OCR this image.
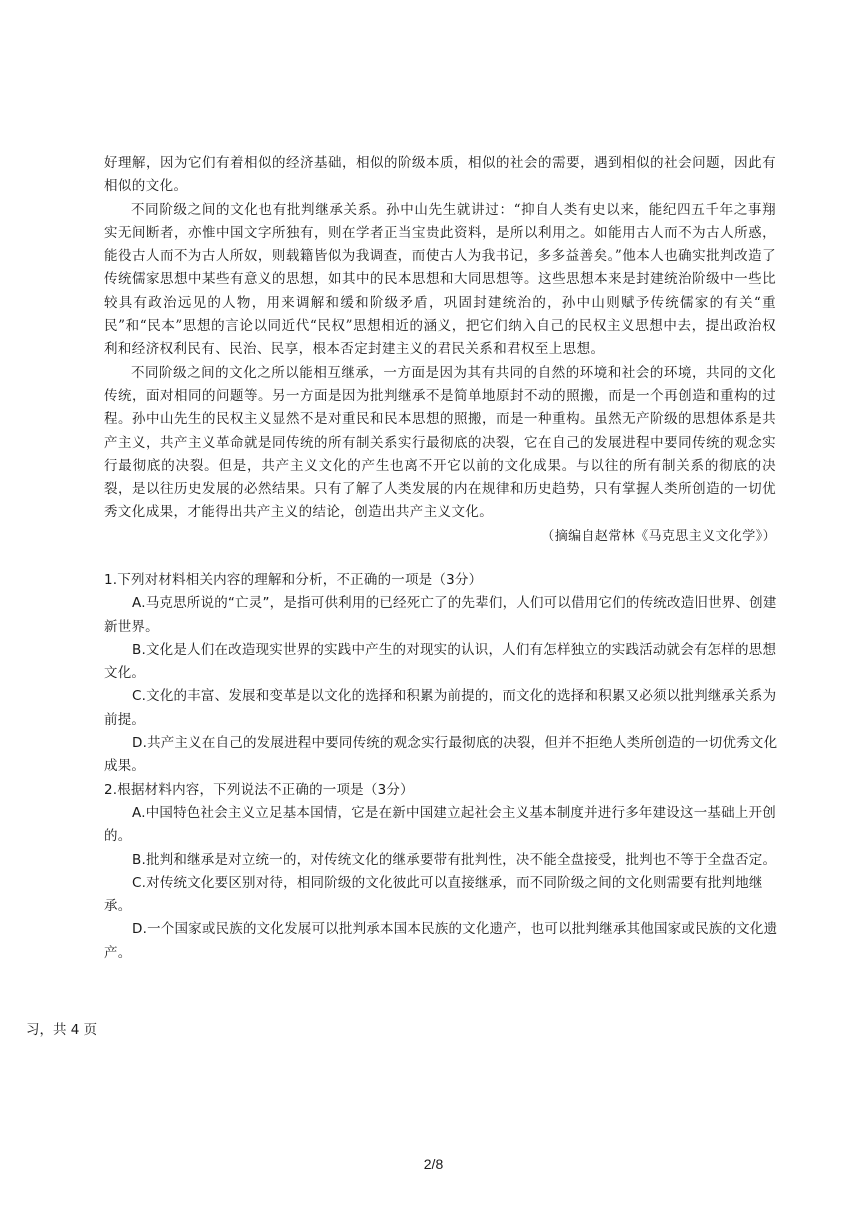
好理解，因为它们有着相似的经济基础，相似的阶级本质，相似的社会的需要，遇到相似的社会问题，因此有相似的文化。

不同阶级之间的文化也有批判继承关系。孙中山先生就讲过：“抑自人类有史以来，能纪四五千年之事翔实无间断者，亦惟中国文字所独有，则在学者正当宝贵此资料，是所以利用之。如能用古人而不为古人所惑，能役古人而不为古人所奴，则载籍皆似为我调查，而使古人为我书记，多多益善矣。”他本人也确实批判改造了传统儒家思想中某些有意义的思想，如其中的民本思想和大同思想等。这些思想本来是封建统治阶级中一些比较具有政治远见的人物，用来调解和缓和阶级矛盾，巩固封建统治的，孙中山则赋予传统儒家的有关“重民”和“民本”思想的言论以同近代“民权”思想相近的涵义，把它们纳入自己的民权主义思想中去，提出政治权利和经济权利民有、民治、民享，根本否定封建主义的君民关系和君权至上思想。

不同阶级之间的文化之所以能相互继承，一方面是因为其有共同的自然的环境和社会的环境，共同的文化传统，面对相同的问题等。另一方面是因为批判继承不是简单地原封不动的照搬，而是一个再创造和重构的过程。孙中山先生的民权主义显然不是对重民和民本思想的照搬，而是一种重构。虽然无产阶级的思想体系是共产主义，共产主义革命就是同传统的所有制关系实行最彻底的决裂，它在自己的发展进程中要同传统的观念实行最彻底的决裂。但是，共产主义文化的产生也离不开它以前的文化成果。与以往的所有制关系的彻底的决裂，是以往历史发展的必然结果。只有了解了人类发展的内在规律和历史趋势，只有掌握人类所创造的一切优秀文化成果，才能得出共产主义的结论，创造出共产主义文化。

（摘编自赵常林《马克思主义文化学》）

1.下列对材料相关内容的理解和分析，不正确的一项是（3分）

A.马克思所说的“亡灵”，是指可供利用的已经死亡了的先辈们，人们可以借用它们的传统改造旧世界、创建新世界。

B.文化是人们在改造现实世界的实践中产生的对现实的认识，人们有怎样独立的实践活动就会有怎样的思想文化。

C.文化的丰富、发展和变革是以文化的选择和积累为前提的，而文化的选择和积累又必须以批判继承关系为前提。

D.共产主义在自己的发展进程中要同传统的观念实行最彻底的决裂，但并不拒绝人类所创造的一切优秀文化成果。

2.根据材料内容，下列说法不正确的一项是（3分）

A.中国特色社会主义立足基本国情，它是在新中国建立起社会主义基本制度并进行多年建设这一基础上开创的。

B.批判和继承是对立统一的，对传统文化的继承要带有批判性，决不能全盘接受，批判也不等于全盘否定。

C.对传统文化要区别对待，相同阶级的文化彼此可以直接继承，而不同阶级之间的文化则需要有批判地继承。

D.一个国家或民族的文化发展可以批判承本国本民族的文化遗产，也可以批判继承其他国家或民族的文化遗产。

习，共 4 页
2/8
